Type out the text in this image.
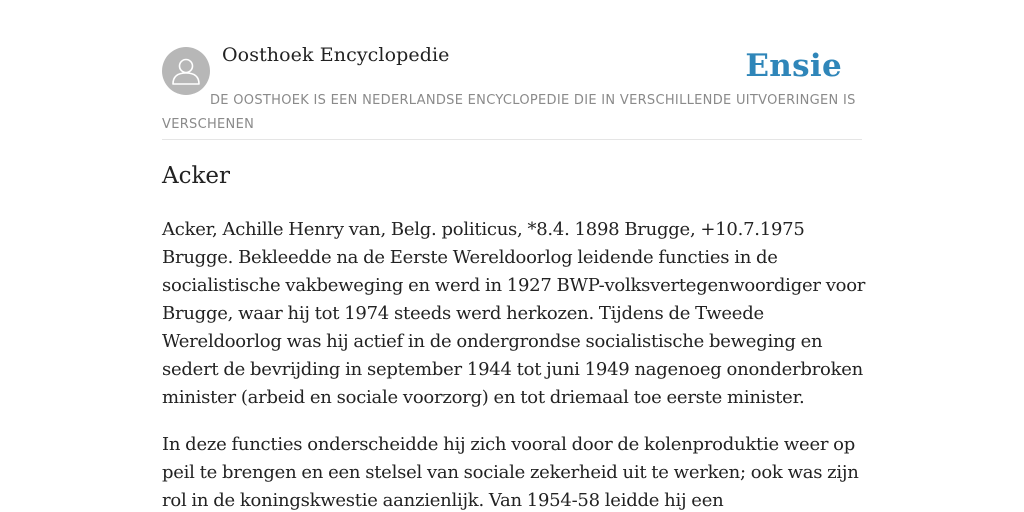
Oosthoek Encyclopedie	Ensie
DE OOSTHOEK IS EEN NEDERLANDSE ENCYCLOPEDIE DIE IN VERSCHILLENDE UITVOERINGEN IS VERSCHENEN
Acker

Acker, Achille Henry van, Belg. politicus, *8.4. 1898 Brugge, +10.7.1975 Brugge. Bekleedde na de Eerste Wereldoorlog leidende functies in de socialistische vakbeweging en werd in 1927 BWP-volksvertegenwoordiger voor Brugge, waar hij tot 1974 steeds werd herkozen. Tijdens de Tweede Wereldoorlog was hij actief in de ondergrondse socialistische beweging en sedert de bevrijding in september 1944 tot juni 1949 nagenoeg ononderbroken minister (arbeid en sociale voorzorg) en tot driemaal toe eerste minister.

In deze functies onderscheidde hij zich vooral door de kolenproduktie weer op peil te brengen en een stelsel van sociale zekerheid uit te werken; ook was zijn rol in de koningskwestie aanzienlijk. Van 1954-58 leidde hij een
